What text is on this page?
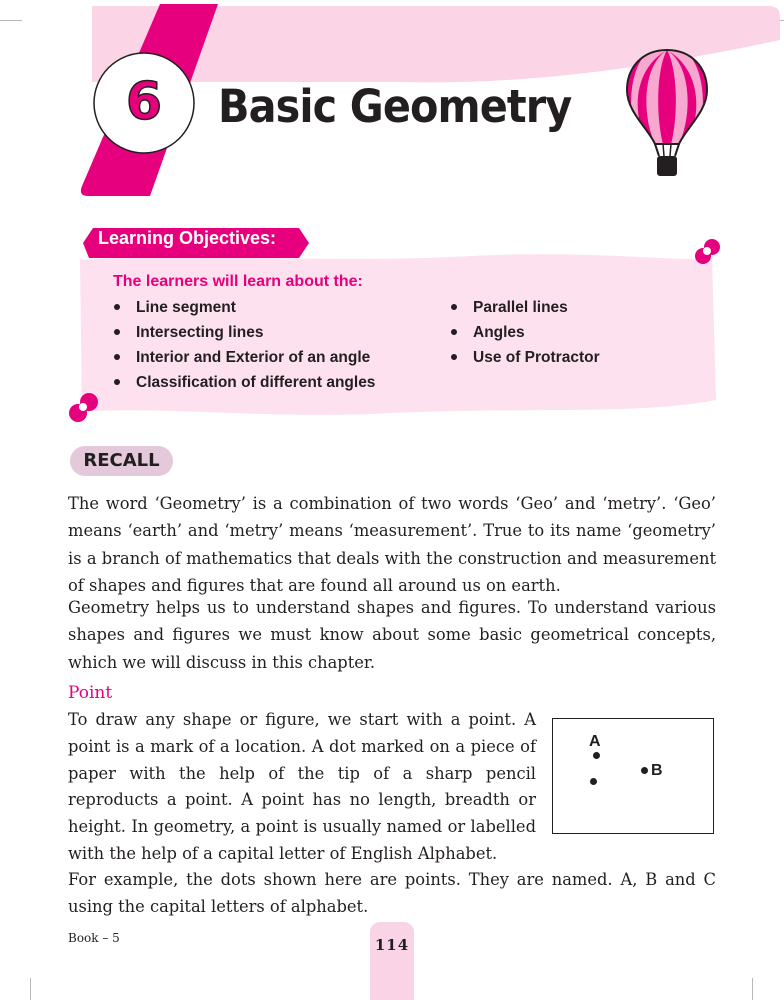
6	Basic Geometry
Learning Objectives:
The learners will learn about the:
Line segment
Intersecting lines
Interior and Exterior of an angle
Classification of different angles
Parallel lines
Angles
Use of Protractor
RECALL

The word ‘Geometry’ is a combination of two words ‘Geo’ and ‘metry’. ‘Geo’ means ‘earth’ and ‘metry’ means ‘measurement’. True to its name ‘geometry’ is a branch of mathematics that deals with the construction and measurement of shapes and figures that are found all around us on earth.

Geometry helps us to understand shapes and figures. To understand various shapes and figures we must know about some basic geometrical concepts, which we will discuss in this chapter.

Point

To draw any shape or figure, we start with a point. A point is a mark of a location. A dot marked on a piece of paper with the help of the tip of a sharp pencil reproducts a point. A point has no length, breadth or height. In geometry, a point is usually named or labelled with the help of a capital letter of English Alphabet.

A
B

For example, the dots shown here are points. They are named. A, B and C using the capital letters of alphabet.

Book – 5	114
